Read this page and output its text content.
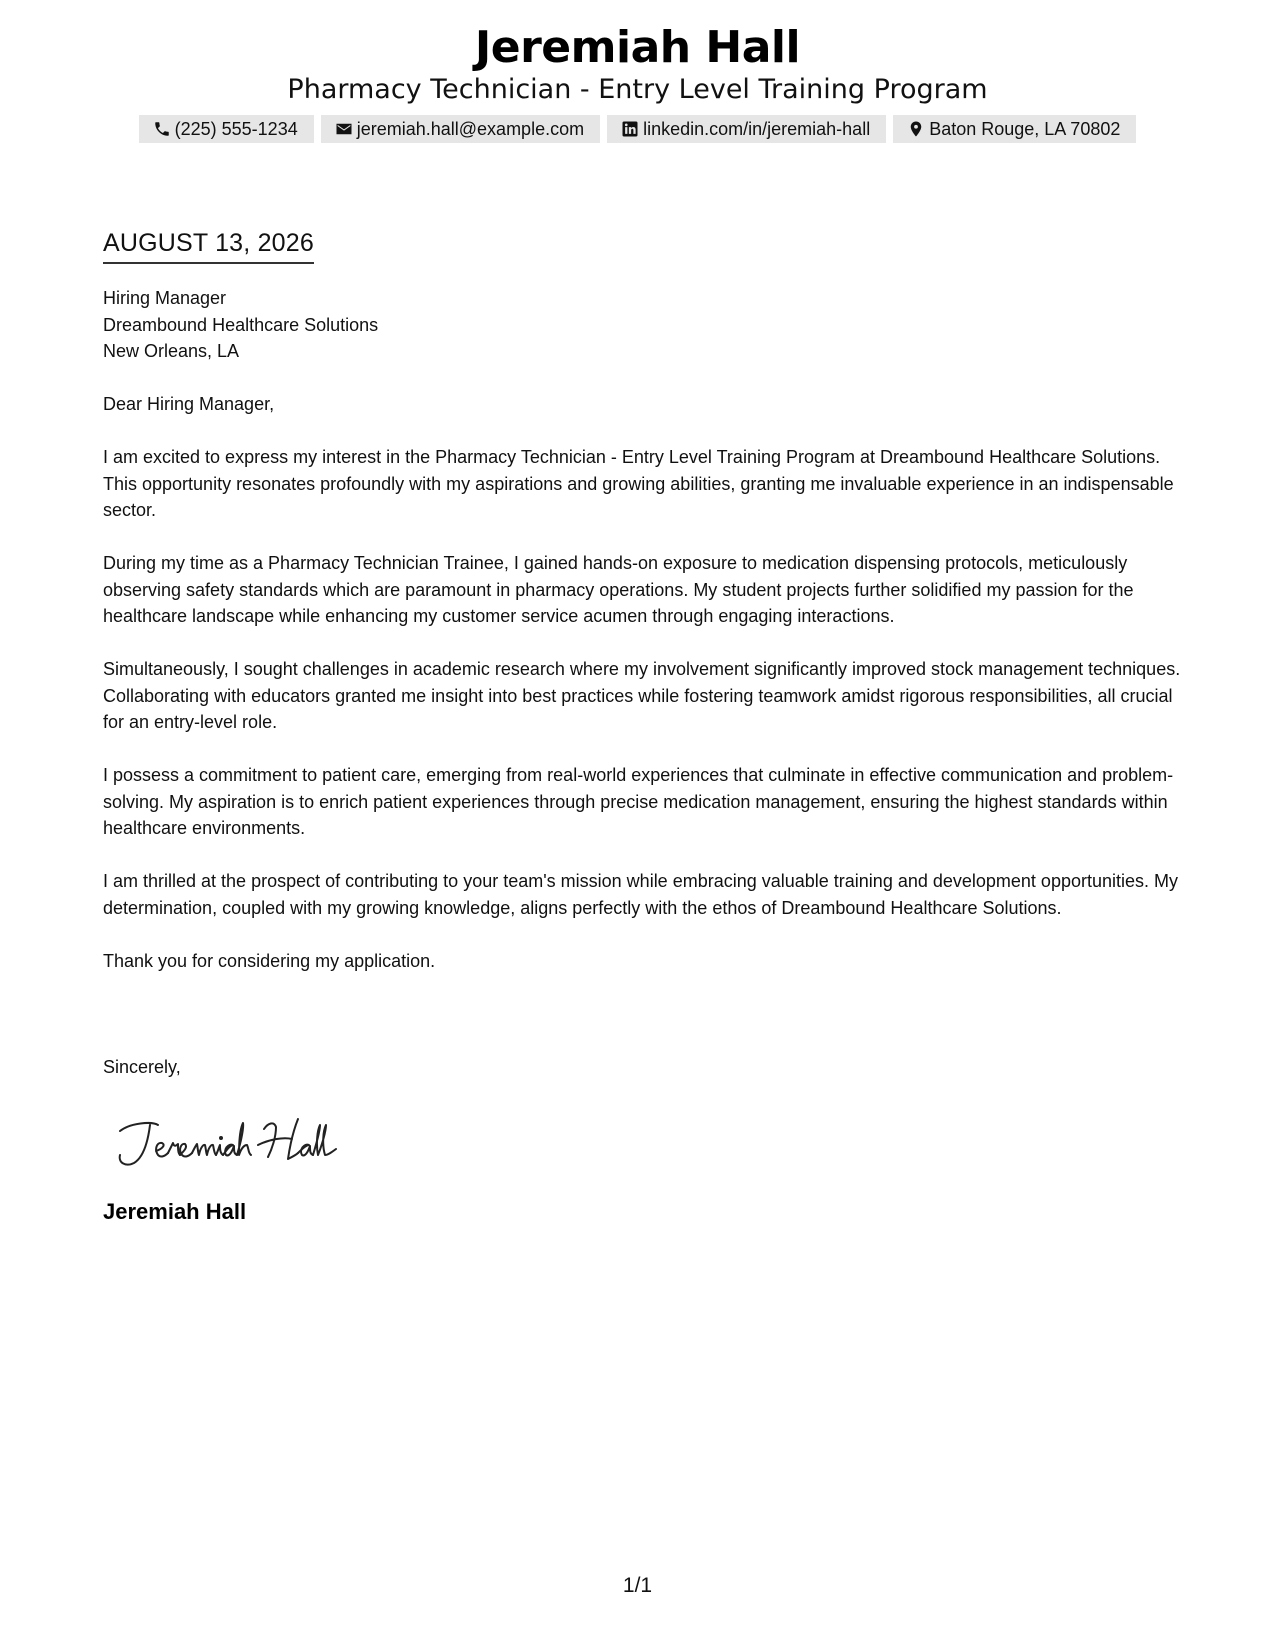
Jeremiah Hall
Pharmacy Technician - Entry Level Training Program
(225) 555-1234	jeremiah.hall@example.com	linkedin.com/in/jeremiah-hall	Baton Rouge, LA 70802
AUGUST 13, 2026
Hiring Manager
Dreambound Healthcare Solutions
New Orleans, LA

Dear Hiring Manager,

I am excited to express my interest in the Pharmacy Technician - Entry Level Training Program at Dreambound Healthcare Solutions. This opportunity resonates profoundly with my aspirations and growing abilities, granting me invaluable experience in an indispensable sector.

During my time as a Pharmacy Technician Trainee, I gained hands-on exposure to medication dispensing protocols, meticulously observing safety standards which are paramount in pharmacy operations. My student projects further solidified my passion for the healthcare landscape while enhancing my customer service acumen through engaging interactions.

Simultaneously, I sought challenges in academic research where my involvement significantly improved stock management techniques. Collaborating with educators granted me insight into best practices while fostering teamwork amidst rigorous responsibilities, all crucial for an entry-level role.

I possess a commitment to patient care, emerging from real-world experiences that culminate in effective communication and problem-solving. My aspiration is to enrich patient experiences through precise medication management, ensuring the highest standards within healthcare environments.

I am thrilled at the prospect of contributing to your team's mission while embracing valuable training and development opportunities. My determination, coupled with my growing knowledge, aligns perfectly with the ethos of Dreambound Healthcare Solutions.

Thank you for considering my application.

Sincerely,
Jeremiah Hall
1/1
